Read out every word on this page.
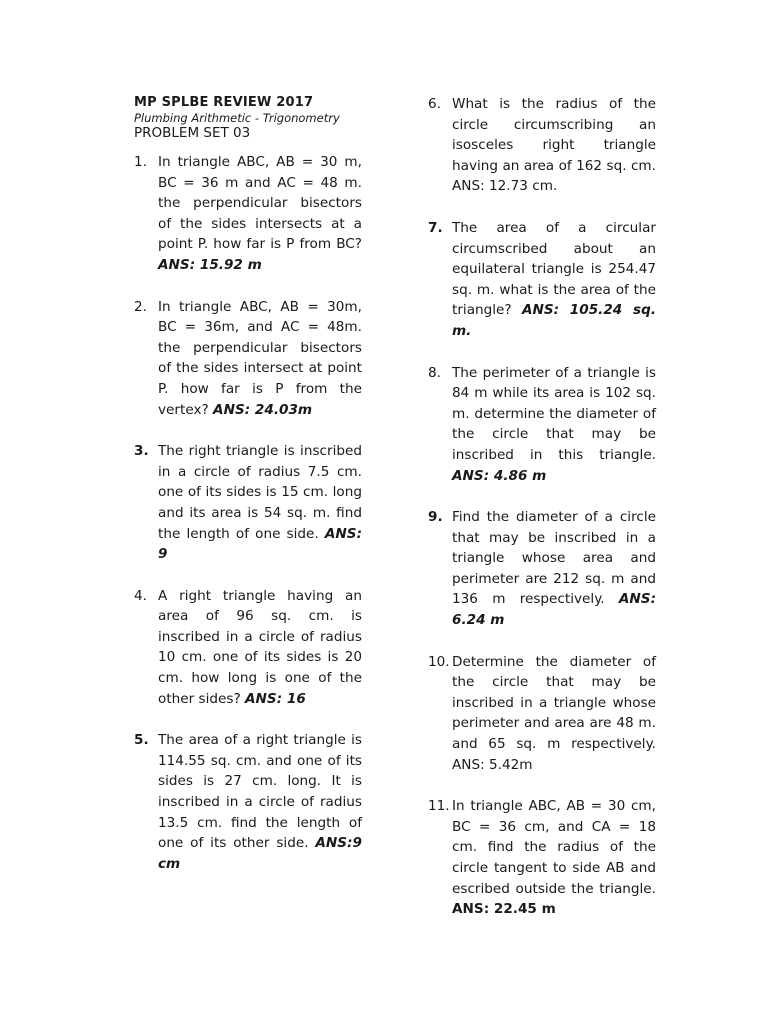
MP SPLBE REVIEW 2017

Plumbing Arithmetic - Trigonometry

PROBLEM SET 03

1. In triangle ABC, AB = 30 m, BC = 36 m and AC = 48 m. the perpendicular bisectors of the sides intersects at a point P. how far is P from BC? ANS: 15.92 m
2. In triangle ABC, AB = 30m, BC = 36m, and AC = 48m. the perpendicular bisectors of the sides intersect at point P. how far is P from the vertex? ANS: 24.03m
3. The right triangle is inscribed in a circle of radius 7.5 cm. one of its sides is 15 cm. long and its area is 54 sq. m. find the length of one side. ANS: 9
4. A right triangle having an area of 96 sq. cm. is inscribed in a circle of radius 10 cm. one of its sides is 20 cm. how long is one of the other sides? ANS: 16
5. The area of a right triangle is 114.55 sq. cm. and one of its sides is 27 cm. long. It is inscribed in a circle of radius 13.5 cm. find the length of one of its other side. ANS:9 cm
6. What is the radius of the circle circumscribing an isosceles right triangle having an area of 162 sq. cm. ANS: 12.73 cm.
7. The area of a circular circumscribed about an equilateral triangle is 254.47 sq. m. what is the area of the triangle? ANS: 105.24 sq. m.
8. The perimeter of a triangle is 84 m while its area is 102 sq. m. determine the diameter of the circle that may be inscribed in this triangle. ANS: 4.86 m
9. Find the diameter of a circle that may be inscribed in a triangle whose area and perimeter are 212 sq. m and 136 m respectively. ANS: 6.24 m
10. Determine the diameter of the circle that may be inscribed in a triangle whose perimeter and area are 48 m. and 65 sq. m respectively. ANS: 5.42m
11. In triangle ABC, AB = 30 cm, BC = 36 cm, and CA = 18 cm. find the radius of the circle tangent to side AB and escribed outside the triangle. ANS: 22.45 m
